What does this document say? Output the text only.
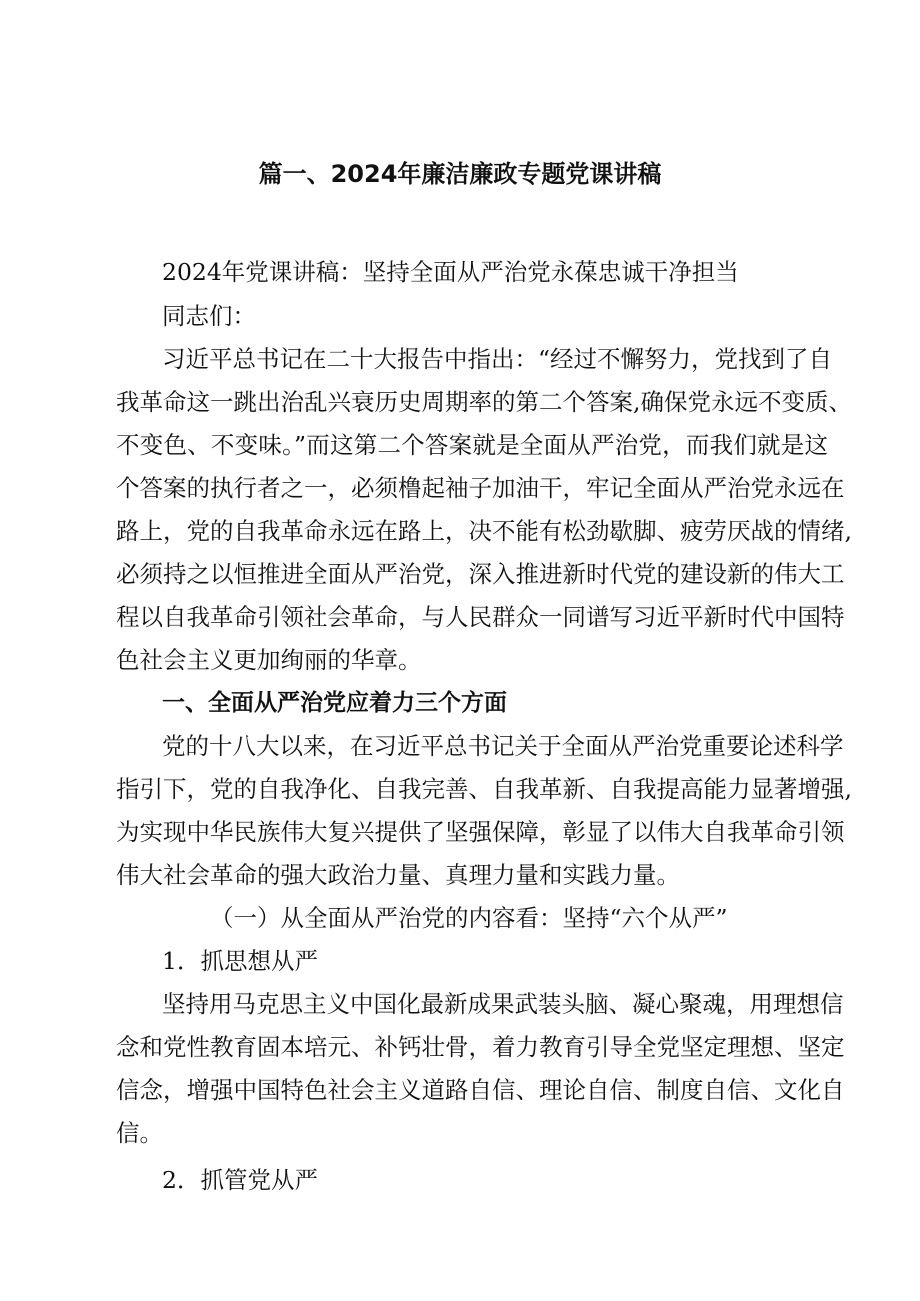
篇一、2024年廉洁廉政专题党课讲稿

2024年党课讲稿：坚持全面从严治党永葆忠诚干净担当

同志们：

习近平总书记在二十大报告中指出：“经过不懈努力，党找到了自

我革命这一跳出治乱兴衰历史周期率的第二个答案,确保党永远不变质、

不变色、不变味。”而这第二个答案就是全面从严治党，而我们就是这

个答案的执行者之一，必须橹起袖子加油干，牢记全面从严治党永远在

路上，党的自我革命永远在路上，决不能有松劲歇脚、疲劳厌战的情绪,

必须持之以恒推进全面从严治党，深入推进新时代党的建设新的伟大工

程以自我革命引领社会革命，与人民群众一同谱写习近平新时代中国特

色社会主义更加绚丽的华章。

一、全面从严治党应着力三个方面

党的十八大以来，在习近平总书记关于全面从严治党重要论述科学

指引下，党的自我净化、自我完善、自我革新、自我提高能力显著增强,

为实现中华民族伟大复兴提供了坚强保障，彰显了以伟大自我革命引领

伟大社会革命的强大政治力量、真理力量和实践力量。

（一）从全面从严治党的内容看：坚持“六个从严”

1．抓思想从严

坚持用马克思主义中国化最新成果武装头脑、凝心聚魂，用理想信

念和党性教育固本培元、补钙壮骨，着力教育引导全党坚定理想、坚定

信念，增强中国特色社会主义道路自信、理论自信、制度自信、文化自

信。

2．抓管党从严
